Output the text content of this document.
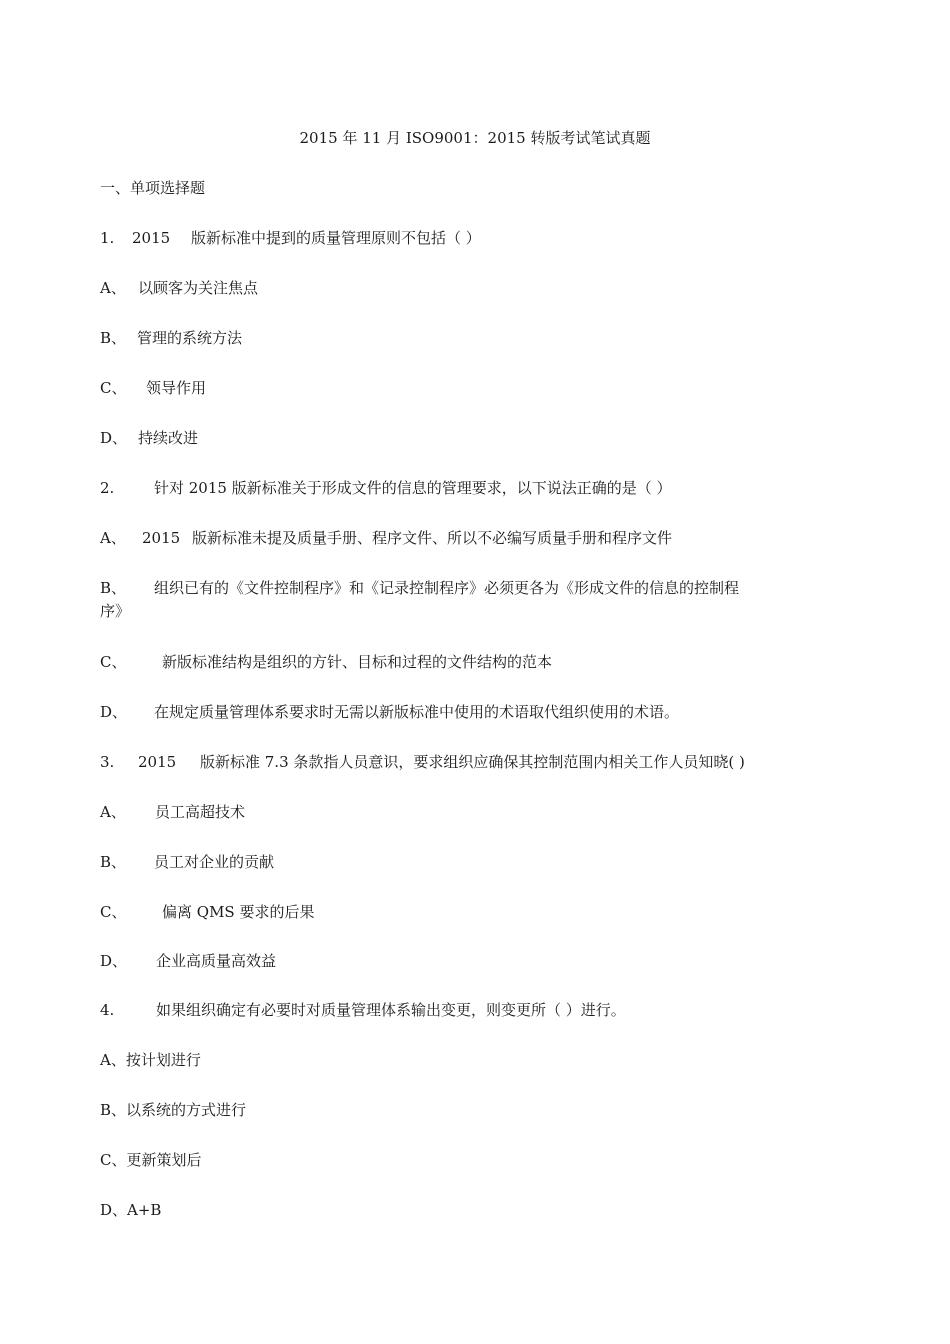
2015 年 11 月 ISO9001：2015 转版考试笔试真题
一、单项选择题
1. 2015 版新标准中提到的质量管理原则不包括（ ）
A、 以顾客为关注焦点
B、 管理的系统方法
C、 领导作用
D、 持续改进
2.	针对 2015 版新标准关于形成文件的信息的管理要求，以下说法正确的是（ ）
A、 2015 版新标准未提及质量手册、程序文件、所以不必编写质量手册和程序文件
B、 组织已有的《文件控制程序》和《记录控制程序》必须更各为《形成文件的信息的控制程
序》
C、 新版标准结构是组织的方针、目标和过程的文件结构的范本
D、 在规定质量管理体系要求时无需以新版标准中使用的术语取代组织使用的术语。
3. 2015 版新标准 7.3 条款指人员意识，要求组织应确保其控制范围内相关工作人员知晓( )
A、 员工高超技术
B、 员工对企业的贡献
C、 偏离 QMS 要求的后果
D、 企业高质量高效益
4.	如果组织确定有必要时对质量管理体系输出变更，则变更所（ ）进行。
A、按计划进行
B、以系统的方式进行
C、更新策划后
D、A+B
